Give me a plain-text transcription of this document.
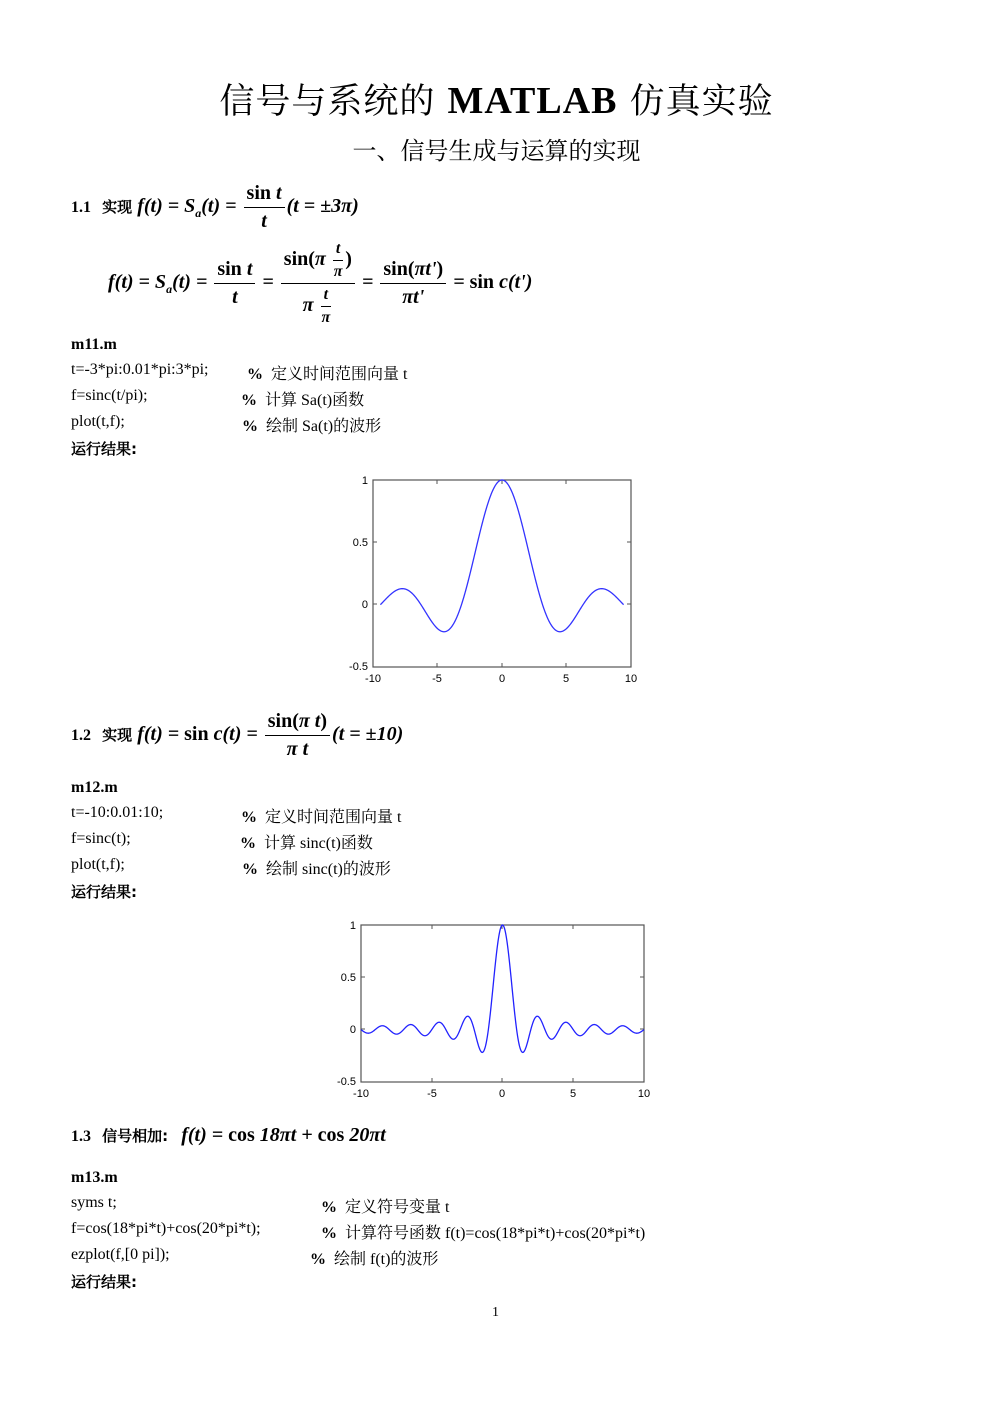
信号与系统的 MATLAB 仿真实验
一、信号生成与运算的实现
1.1 实现 $f(t) = S_a(t) = \frac{\text{sin t}}{t} (t = \pm 3\pi)$
$f(t) = S_a(t) = \frac{\text{sin t}}{t} = \frac{\sin(\pi \frac{t}{\pi} )}{\pi \frac{t}{\pi}} = \frac{\sin(\pi t')}{\pi t'} = \sin c(t')$
m11.m
t=-3*pi:0.01*pi:3*pi; % 定义时间范围向量 t
f=sinc(t/pi);	% 计算 Sa(t)函数
plot(t,f);	% 绘制 Sa(t)的波形
运行结果:
1
0.5
0
-0.5
-10	-5	0	5	10
1.2 实现 $f(t) = \sin c(t) = \frac{\text{sin(π t)}}{\text{π t}} (t = \pm 10)$
m12.m
t=-10:0.01:10;	% 定义时间范围向量 t
f=sinc(t);	% 计算 sinc(t)函数
plot(t,f);	% 绘制 sinc(t)的波形
运行结果:
1
0.5
0
-0.5
-10	-5	0	5	10
1.3 信号相加: f(t) = cos 18πt + cos 20πt
m13.m
syms t;	% 定义符号变量 t
f=cos(18*pi*t)+cos(20*pi*t);	% 计算符号函数 f(t)=cos(18*pi*t)+cos(20*pi*t)
ezplot(f,[0 pi]);	% 绘制 f(t)的波形
运行结果:
1
